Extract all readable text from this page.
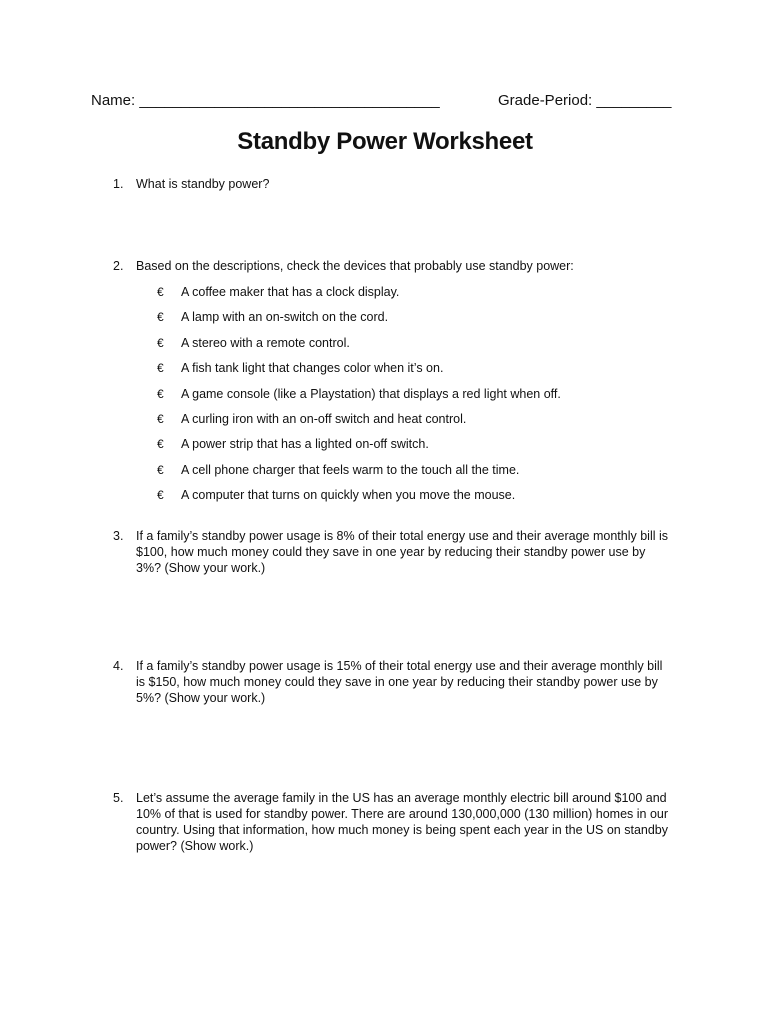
Name: ____________________________________	Grade-Period: _________
Standby Power Worksheet
1.	What is standby power?
2.	Based on the descriptions, check the devices that probably use standby power:
€ A coffee maker that has a clock display.
€ A lamp with an on-switch on the cord.
€ A stereo with a remote control.
€ A fish tank light that changes color when it’s on.
€ A game console (like a Playstation) that displays a red light when off.
€ A curling iron with an on-off switch and heat control.
€ A power strip that has a lighted on-off switch.
€ A cell phone charger that feels warm to the touch all the time.
€ A computer that turns on quickly when you move the mouse.
3.	If a family’s standby power usage is 8% of their total energy use and their average monthly bill is $100, how much money could they save in one year by reducing their standby power use by 3%? (Show your work.)
4.	If a family’s standby power usage is 15% of their total energy use and their average monthly bill is $150, how much money could they save in one year by reducing their standby power use by 5%? (Show your work.)
5.	Let’s assume the average family in the US has an average monthly electric bill around $100 and 10% of that is used for standby power. There are around 130,000,000 (130 million) homes in our country. Using that information, how much money is being spent each year in the US on standby power? (Show work.)
